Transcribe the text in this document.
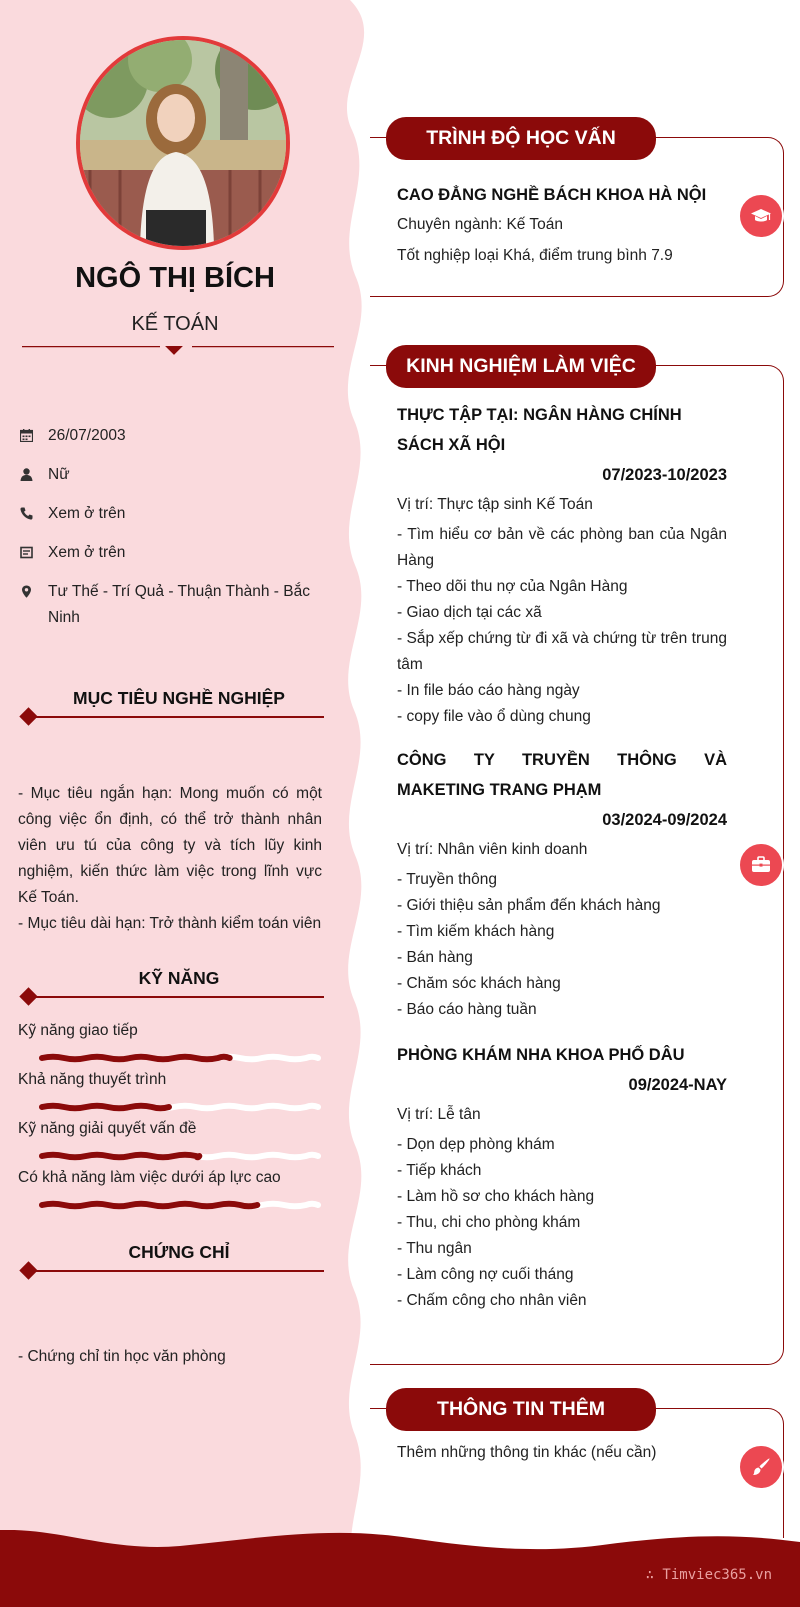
NGÔ THỊ BÍCH
KẾ TOÁN
26/07/2003
Nữ
Xem ở trên
Xem ở trên
Tư Thế - Trí Quả - Thuận Thành - Bắc Ninh
MỤC TIÊU NGHỀ NGHIỆP
- Mục tiêu ngắn hạn: Mong muốn có một công việc ổn định, có thể trở thành nhân viên ưu tú của công ty và tích lũy kinh nghiệm, kiến thức làm việc trong lĩnh vực Kế Toán.
- Mục tiêu dài hạn: Trở thành kiểm toán viên
KỸ NĂNG
Kỹ năng giao tiếp
Khả năng thuyết trình
Kỹ năng giải quyết vấn đề
Có khả năng làm việc dưới áp lực cao
CHỨNG CHỈ
- Chứng chỉ tin học văn phòng
TRÌNH ĐỘ HỌC VẤN
CAO ĐẲNG NGHỀ BÁCH KHOA HÀ NỘI
Chuyên ngành: Kế Toán
Tốt nghiệp loại Khá, điểm trung bình 7.9
KINH NGHIỆM LÀM VIỆC
THỰC TẬP TẠI: NGÂN HÀNG CHÍNH SÁCH XÃ HỘI
07/2023-10/2023
Vị trí: Thực tập sinh Kế Toán
- Tìm hiểu cơ bản về các phòng ban của Ngân Hàng
- Theo dõi thu nợ của Ngân Hàng
- Giao dịch tại các xã
- Sắp xếp chứng từ đi xã và chứng từ trên trung tâm
- In file báo cáo hàng ngày
- copy file vào ổ dùng chung
CÔNG TY TRUYỀN THÔNG VÀ MAKETING TRANG PHẠM
03/2024-09/2024
Vị trí: Nhân viên kinh doanh
- Truyền thông
- Giới thiệu sản phẩm đến khách hàng
- Tìm kiếm khách hàng
- Bán hàng
- Chăm sóc khách hàng
- Báo cáo hàng tuần
PHÒNG KHÁM NHA KHOA PHỐ DÂU
09/2024-NAY
Vị trí: Lễ tân
- Dọn dẹp phòng khám
- Tiếp khách
- Làm hồ sơ cho khách hàng
- Thu, chi cho phòng khám
- Thu ngân
- Làm công nợ cuối tháng
- Chấm công cho nhân viên
THÔNG TIN THÊM
Thêm những thông tin khác (nếu cần)
∴ Timviec365.vn
